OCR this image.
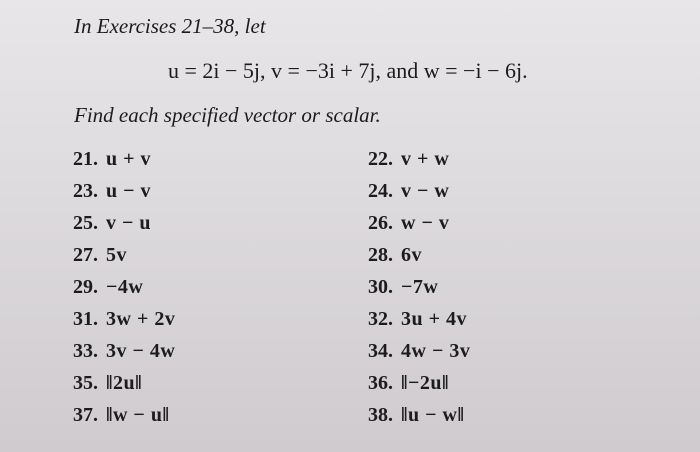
In Exercises 21–38, let
u = 2i − 5j, v = −3i + 7j, and w = −i − 6j.
Find each specified vector or scalar.
21. u + v
23. u − v
25. v − u
27. 5v
29. −4w
31. 3w + 2v
33. 3v − 4w
35. ‖2u‖
37. ‖w − u‖
22. v + w
24. v − w
26. w − v
28. 6v
30. −7w
32. 3u + 4v
34. 4w − 3v
36. ‖−2u‖
38. ‖u − w‖
